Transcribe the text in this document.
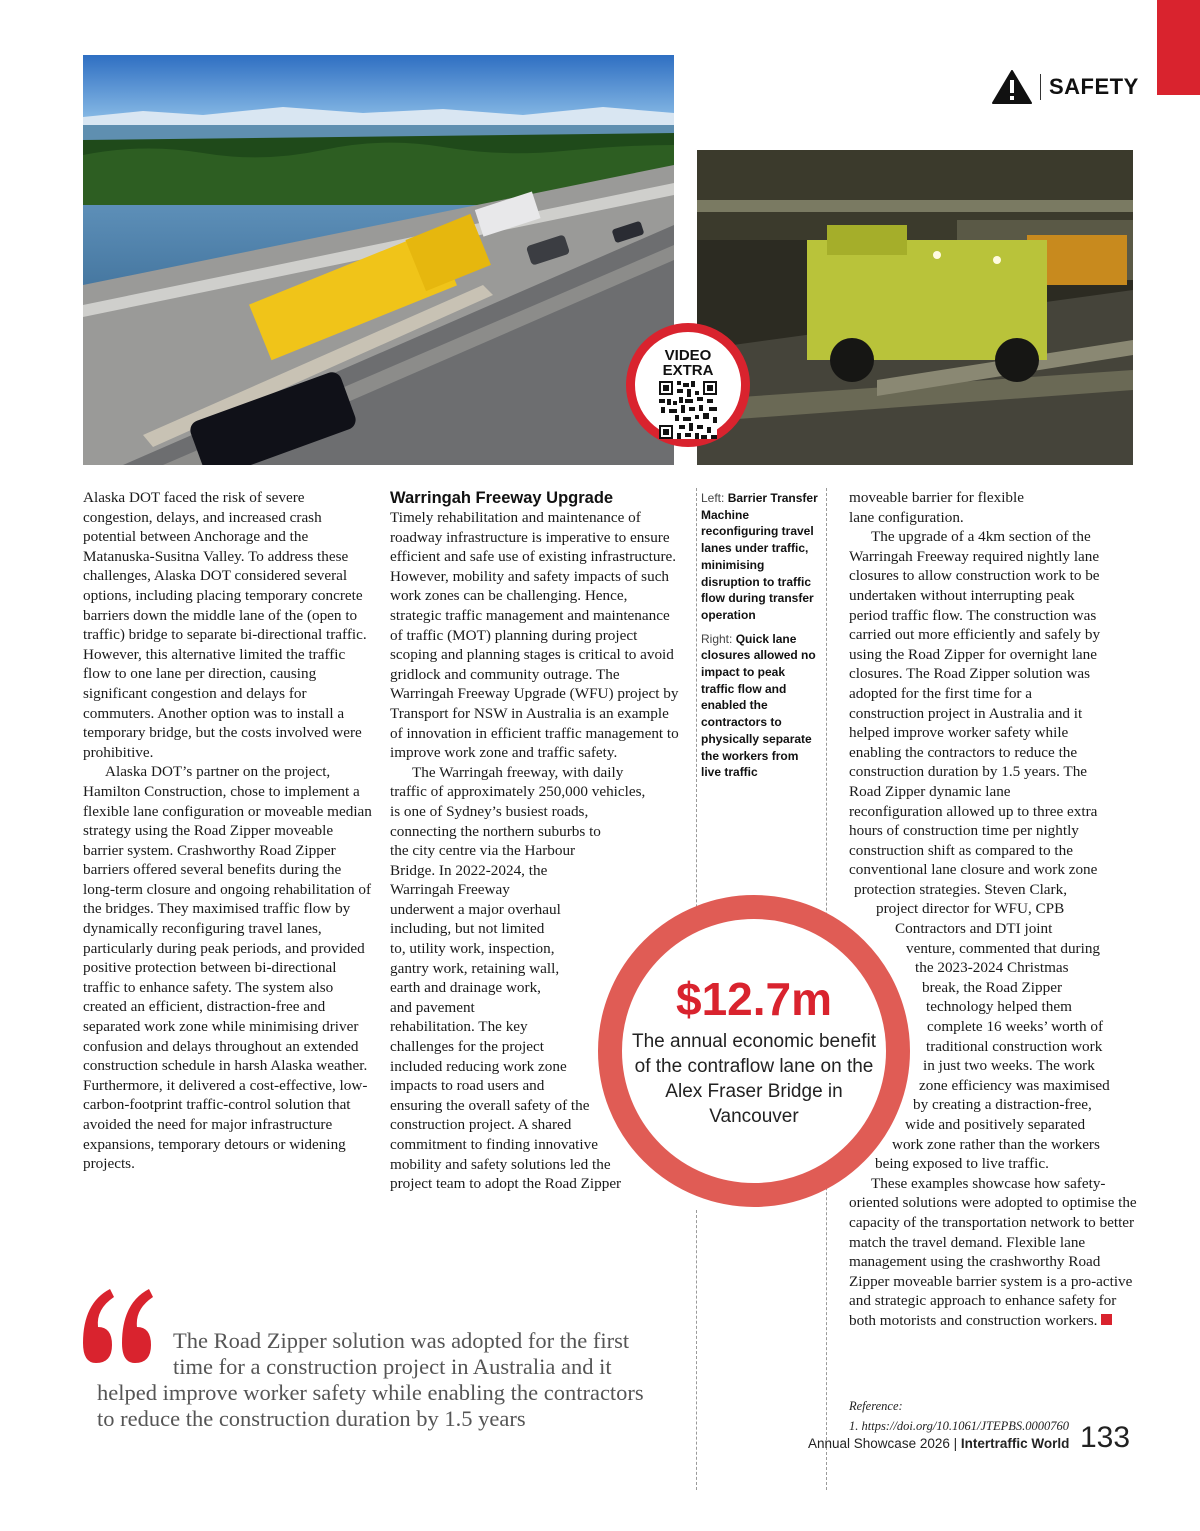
SAFETY
VIDEO
EXTRA

Alaska DOT faced the risk of severe congestion, delays, and increased crash potential between Anchorage and the Matanuska-Susitna Valley. To address these challenges, Alaska DOT considered several options, including placing temporary concrete barriers down the middle lane of the (open to traffic) bridge to separate bi-directional traffic. However, this alternative limited the traffic flow to one lane per direction, causing significant congestion and delays for commuters. Another option was to install a temporary bridge, but the costs involved were prohibitive.

Alaska DOT’s partner on the project, Hamilton Construction, chose to implement a flexible lane configuration or moveable median strategy using the Road Zipper moveable barrier system. Crashworthy Road Zipper barriers offered several benefits during the long-term closure and ongoing rehabilitation of the bridges. They maximised traffic flow by dynamically reconfiguring travel lanes, particularly during peak periods, and provided positive protection between bi-directional traffic to enhance safety. The system also created an efficient, distraction-free and separated work zone while minimising driver confusion and delays throughout an extended construction schedule in harsh Alaska weather. Furthermore, it delivered a cost-effective, low-carbon-footprint traffic-control solution that avoided the need for major infrastructure expansions, temporary detours or widening projects.

Warringah Freeway Upgrade

Timely rehabilitation and maintenance of roadway infrastructure is imperative to ensure efficient and safe use of existing infrastructure. However, mobility and safety impacts of such work zones can be challenging. Hence, strategic traffic management and maintenance of traffic (MOT) planning during project scoping and planning stages is critical to avoid gridlock and community outrage. The Warringah Freeway Upgrade (WFU) project by Transport for NSW in Australia is an example of innovation in efficient traffic management to improve work zone and traffic safety.

The Warringah freeway, with daily
traffic of approximately 250,000 vehicles,
is one of Sydney’s busiest roads,
connecting the northern suburbs to
the city centre via the Harbour
Bridge. In 2022-2024, the
Warringah Freeway
underwent a major overhaul
including, but not limited
to, utility work, inspection,
gantry work, retaining wall,
earth and drainage work,
and pavement
rehabilitation. The key
challenges for the project
included reducing work zone
impacts to road users and
ensuring the overall safety of the
construction project. A shared
commitment to finding innovative
mobility and safety solutions led the
project team to adopt the Road Zipper
Left: Barrier Transfer Machine reconfiguring travel lanes under traffic, minimising disruption to traffic flow during transfer operation
Right: Quick lane closures allowed no impact to peak traffic flow and enabled the contractors to physically separate the workers from live traffic
moveable barrier for flexible
lane configuration.
The upgrade of a 4km section of the
Warringah Freeway required nightly lane
closures to allow construction work to be
undertaken without interrupting peak
period traffic flow. The construction was
carried out more efficiently and safely by
using the Road Zipper for overnight lane
closures. The Road Zipper solution was
adopted for the first time for a
construction project in Australia and it
helped improve worker safety while
enabling the contractors to reduce the
construction duration by 1.5 years. The
Road Zipper dynamic lane
reconfiguration allowed up to three extra
hours of construction time per nightly
construction shift as compared to the
conventional lane closure and work zone
protection strategies. Steven Clark,
project director for WFU, CPB
Contractors and DTI joint
venture, commented that during
the 2023-2024 Christmas
break, the Road Zipper
technology helped them
complete 16 weeks’ worth of
traditional construction work
in just two weeks. The work
zone efficiency was maximised
by creating a distraction-free,
wide and positively separated
work zone rather than the workers
being exposed to live traffic.

These examples showcase how safety-oriented solutions were adopted to optimise the capacity of the transportation network to better match the travel demand. Flexible lane management using the crashworthy Road Zipper moveable barrier system is a pro-active and strategic approach to enhance safety for both motorists and construction workers.

$12.7m
The annual economic benefit of the contraflow lane on the Alex Fraser Bridge in Vancouver
The Road Zipper solution was adopted for the first
time for a construction project in Australia and it
helped improve worker safety while enabling the contractors
to reduce the construction duration by 1.5 years	Reference:
1. https://doi.org/10.1061/JTEPBS.0000760
Annual Showcase 2026 | Intertraffic World 133
